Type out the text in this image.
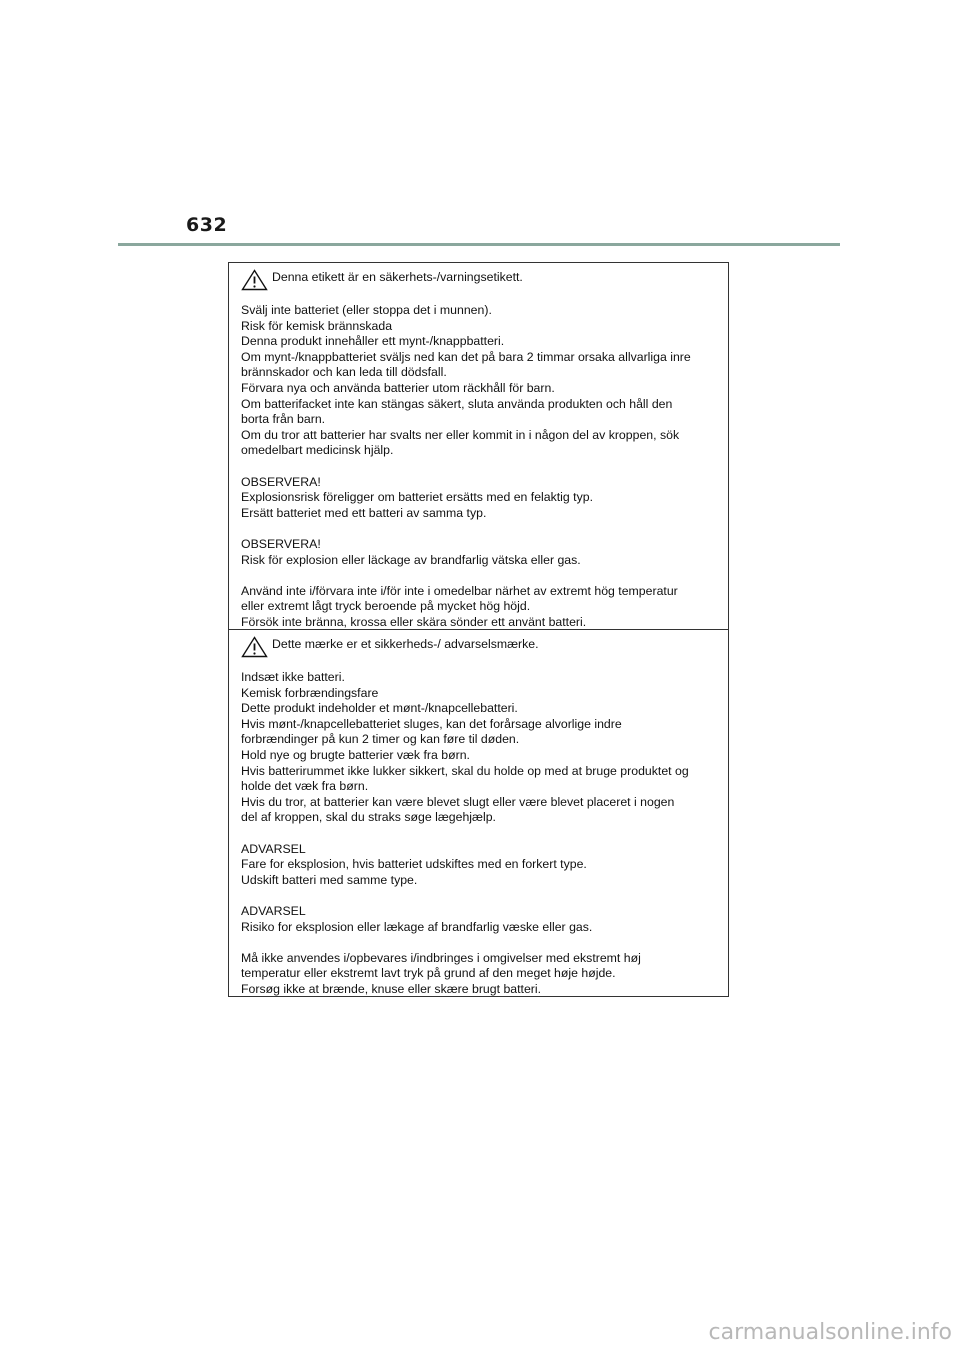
632
Denna etikett är en säkerhets-/varningsetikett.
Svälj inte batteriet (eller stoppa det i munnen).
Risk för kemisk brännskada
Denna produkt innehåller ett mynt-/knappbatteri.
Om mynt-/knappbatteriet sväljs ned kan det på bara 2 timmar orsaka allvarliga inre
brännskador och kan leda till dödsfall.
Förvara nya och använda batterier utom räckhåll för barn.
Om batterifacket inte kan stängas säkert, sluta använda produkten och håll den
borta från barn.
Om du tror att batterier har svalts ner eller kommit in i någon del av kroppen, sök
omedelbart medicinsk hjälp.
OBSERVERA!
Explosionsrisk föreligger om batteriet ersätts med en felaktig typ.
Ersätt batteriet med ett batteri av samma typ.
OBSERVERA!
Risk för explosion eller läckage av brandfarlig vätska eller gas.
Använd inte i/förvara inte i/för inte i omedelbar närhet av extremt hög temperatur
eller extremt lågt tryck beroende på mycket hög höjd.
Försök inte bränna, krossa eller skära sönder ett använt batteri.
Dette mærke er et sikkerheds-/ advarselsmærke.
Indsæt ikke batteri.
Kemisk forbrændingsfare
Dette produkt indeholder et mønt-/knapcellebatteri.
Hvis mønt-/knapcellebatteriet sluges, kan det forårsage alvorlige indre
forbrændinger på kun 2 timer og kan føre til døden.
Hold nye og brugte batterier væk fra børn.
Hvis batterirummet ikke lukker sikkert, skal du holde op med at bruge produktet og
holde det væk fra børn.
Hvis du tror, at batterier kan være blevet slugt eller være blevet placeret i nogen
del af kroppen, skal du straks søge lægehjælp.
ADVARSEL
Fare for eksplosion, hvis batteriet udskiftes med en forkert type.
Udskift batteri med samme type.
ADVARSEL
Risiko for eksplosion eller lækage af brandfarlig væske eller gas.
Må ikke anvendes i/opbevares i/indbringes i omgivelser med ekstremt høj
temperatur eller ekstremt lavt tryk på grund af den meget høje højde.
Forsøg ikke at brænde, knuse eller skære brugt batteri.
carmanualsonline.info
